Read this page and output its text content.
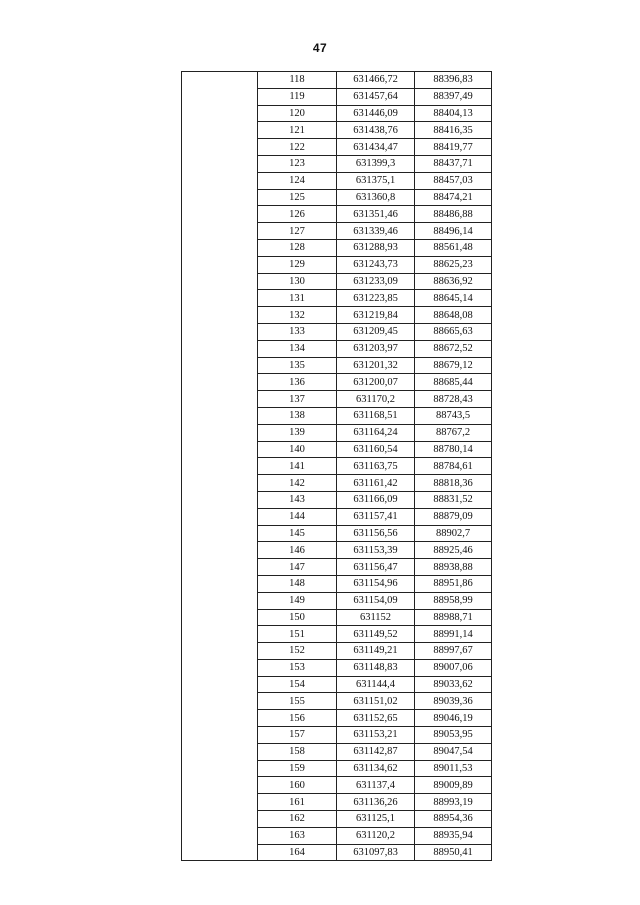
47
	118	631466,72	88396,83
	119	631457,64	88397,49
	120	631446,09	88404,13
	121	631438,76	88416,35
	122	631434,47	88419,77
	123	631399,3	88437,71
	124	631375,1	88457,03
	125	631360,8	88474,21
	126	631351,46	88486,88
	127	631339,46	88496,14
	128	631288,93	88561,48
	129	631243,73	88625,23
	130	631233,09	88636,92
	131	631223,85	88645,14
	132	631219,84	88648,08
	133	631209,45	88665,63
	134	631203,97	88672,52
	135	631201,32	88679,12
	136	631200,07	88685,44
	137	631170,2	88728,43
	138	631168,51	88743,5
	139	631164,24	88767,2
	140	631160,54	88780,14
	141	631163,75	88784,61
	142	631161,42	88818,36
	143	631166,09	88831,52
	144	631157,41	88879,09
	145	631156,56	88902,7
	146	631153,39	88925,46
	147	631156,47	88938,88
	148	631154,96	88951,86
	149	631154,09	88958,99
	150	631152	88988,71
	151	631149,52	88991,14
	152	631149,21	88997,67
	153	631148,83	89007,06
	154	631144,4	89033,62
	155	631151,02	89039,36
	156	631152,65	89046,19
	157	631153,21	89053,95
	158	631142,87	89047,54
	159	631134,62	89011,53
	160	631137,4	89009,89
	161	631136,26	88993,19
	162	631125,1	88954,36
	163	631120,2	88935,94
	164	631097,83	88950,41
